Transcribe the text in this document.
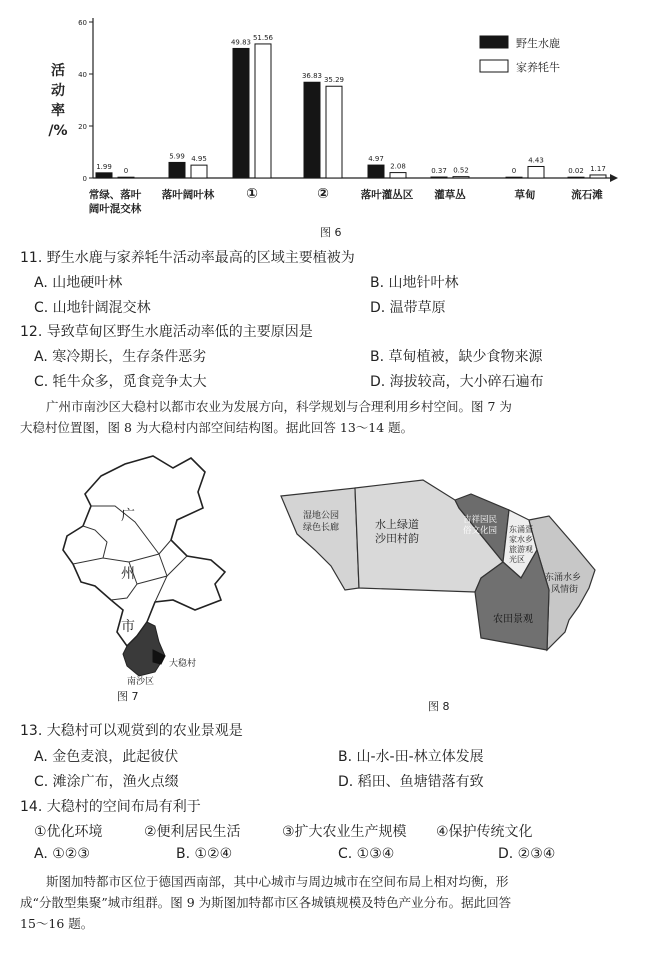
0
20
40
60
活
动
率
/%
1.99
5.99
49.83
36.83
4.97
0.37	0	0.02
0
4.95
51.56
35.29
2.08
0.52
4.43
1.17
常绿、落叶
阔叶混交林
落叶阔叶林 ①	②	落叶灌丛区 灌草丛	草甸	流石滩
野生水鹿
家养牦牛
图 6
11. 野生水鹿与家养牦牛活动率最高的区域主要植被为
A. 山地硬叶林	B. 山地针叶林
C. 山地针阔混交林	D. 温带草原
12. 导致草甸区野生水鹿活动率低的主要原因是
A. 寒冷期长，生存条件恶劣	B. 草甸植被，缺少食物来源
C. 牦牛众多，觅食竞争太大	D. 海拔较高，大小碎石遍布
广州市南沙区大稳村以都市农业为发展方向，科学规划与合理利用乡村空间。图 7 为
大稳村位置图，图 8 为大稳村内部空间结构图。据此回答 13～14 题。
广
州
市
大稳村
南沙区
图 7
湿地公园
绿色长廊	水上绿道
沙田村韵
吉祥园民
俗文化园 东涌疍
家水乡
旅游观
光区
东涌水乡
风情街
农田景观
图 8
13. 大稳村可以观赏到的农业景观是
A. 金色麦浪，此起彼伏	B. 山-水-田-林立体发展
C. 滩涂广布，渔火点缀	D. 稻田、鱼塘错落有致
14. 大稳村的空间布局有利于
①优化环境	②便利居民生活	③扩大农业生产规模 ④保护传统文化
A. ①②③	B. ①②④	C. ①③④	D. ②③④
斯图加特都市区位于德国西南部，其中心城市与周边城市在空间布局上相对均衡，形
成“分散型集聚”城市组群。图 9 为斯图加特都市区各城镇规模及特色产业分布。据此回答
15～16 题。
